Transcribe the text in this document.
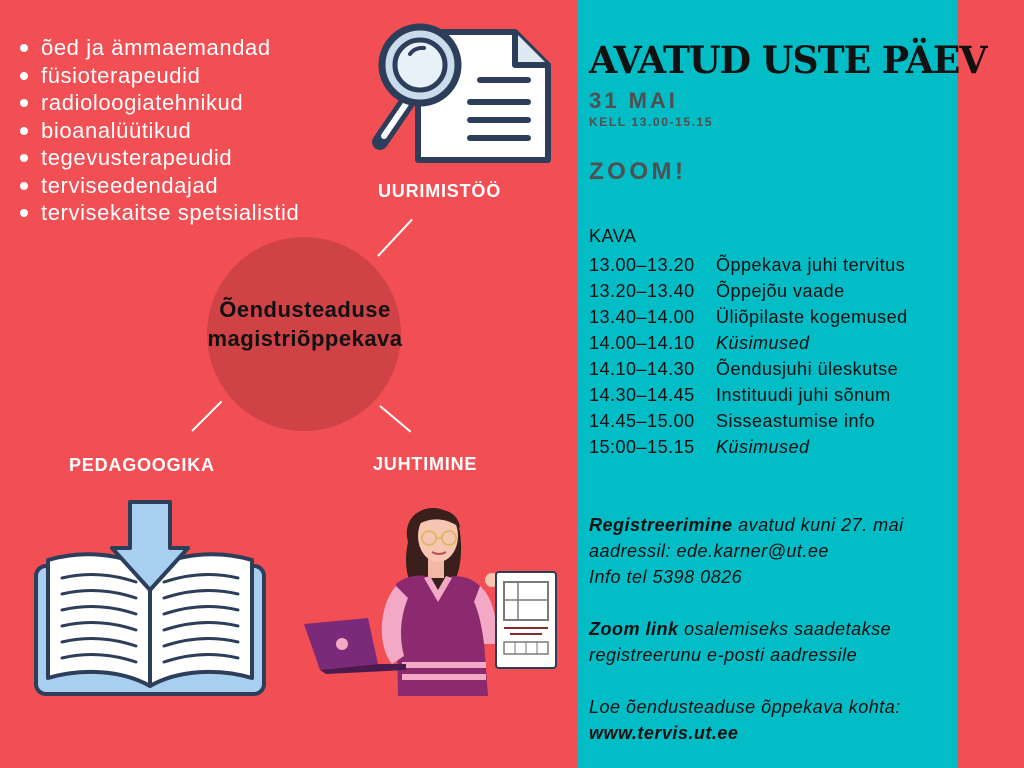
õed ja ämmaemandad
füsioterapeudid
radioloogiatehnikud
bioanalüütikud
tegevusterapeudid
terviseedendajad
tervisekaitse spetsialistid
UURIMISTÖÖ
Õendusteaduse
magistriõppekava
PEDAGOOGIKA	JUHTIMINE
AVATUD USTE PÄEV
31 MAI
KELL 13.00-15.15
ZOOM!
KAVA
13.00–13.20	Õppekava juhi tervitus
13.20–13.40	Õppejõu vaade
13.40–14.00	Üliõpilaste kogemused
14.00–14.10	Küsimused
14.10–14.30	Õendusjuhi üleskutse
14.30–14.45	Instituudi juhi sõnum
14.45–15.00	Sisseastumise info
15:00–15.15	Küsimused
Registreerimine avatud kuni 27. mai
aadressil: ede.karner@ut.ee
Info tel 5398 0826
Zoom link osalemiseks saadetakse
registreerunu e-posti aadressile
Loe õendusteaduse õppekava kohta:
www.tervis.ut.ee
